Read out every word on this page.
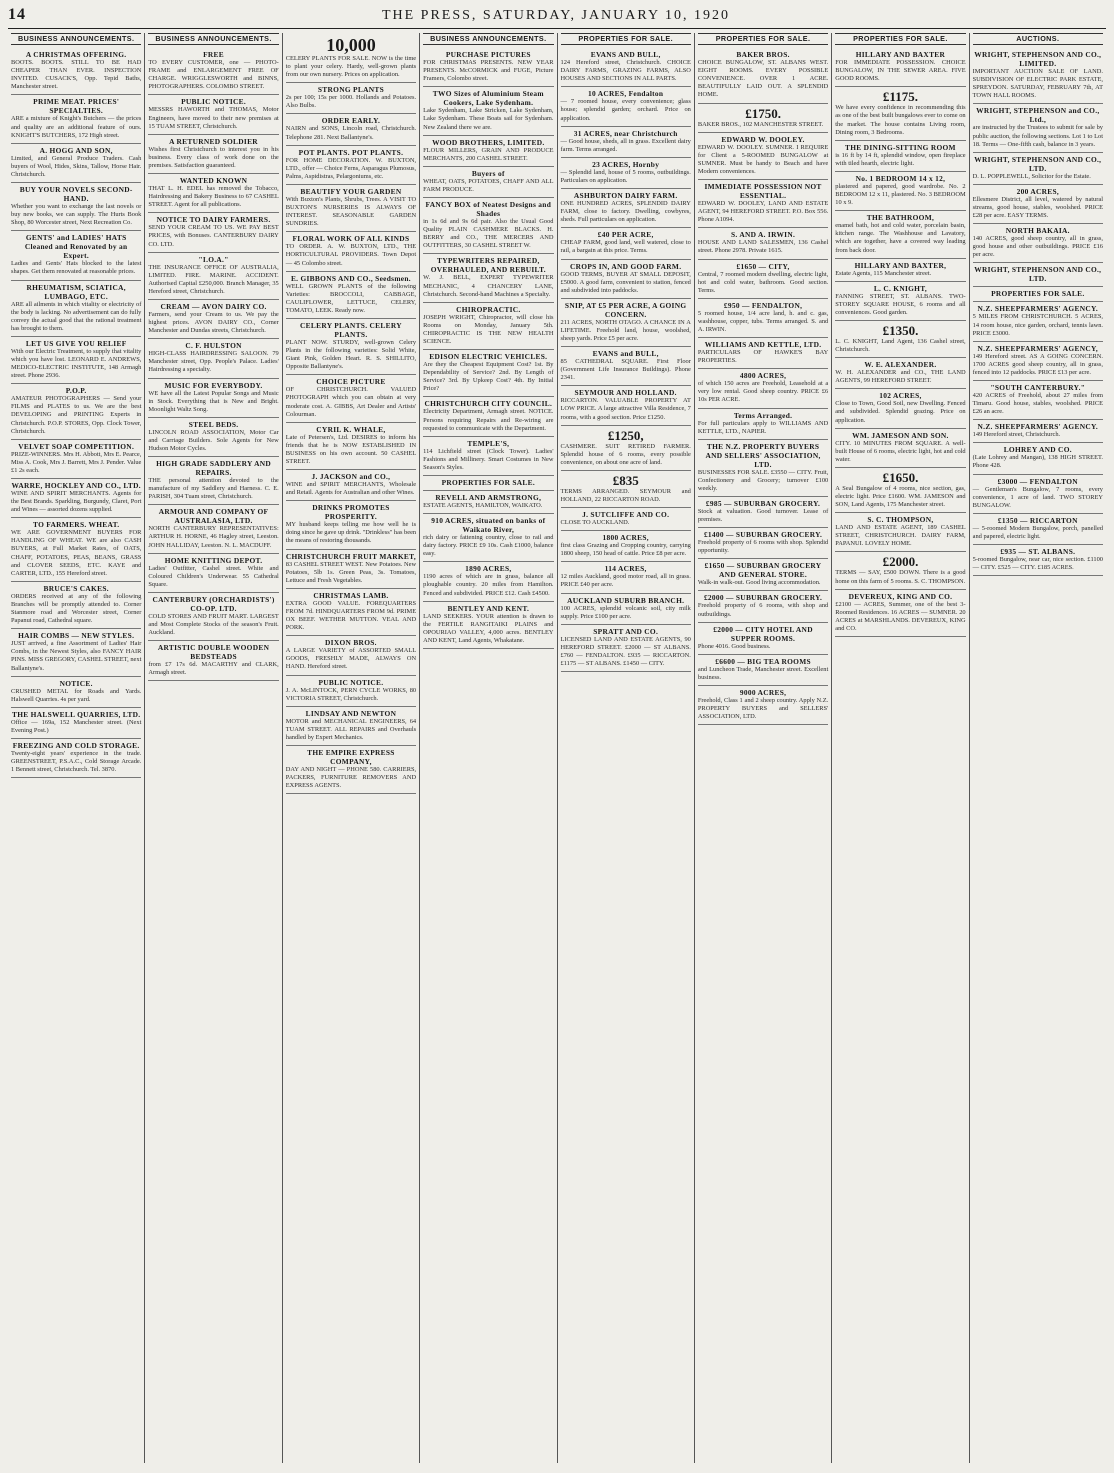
14	THE PRESS, SATURDAY, JANUARY 10, 1920
BUSINESS ANNOUNCEMENTS.
A CHRISTMAS OFFERING.
BOOTS. BOOTS. STILL TO BE HAD CHEAPER THAN EVER. INSPECTION INVITED. CUSACK'S, Opp. Tepid Baths, Manchester street.
PRIME MEAT. PRICES' SPECIALTIES.
ARE a mixture of Knight's Butchers — the prices and quality are an additional feature of ours. KNIGHT'S BUTCHERS, 172 High street.
A. HOGG AND SON,
Limited, and General Produce Traders. Cash buyers of Wool, Hides, Skins, Tallow, Horse Hair. Christchurch.
BUY YOUR NOVELS SECOND-HAND.
Whether you want to exchange the last novels or buy new books, we can supply. The Hurts Book Shop, 80 Worcester street, Next Recreation Co.
GENTS' and LADIES' HATS Cleaned and Renovated by an Expert.
Ladies and Gents' Hats blocked to the latest shapes. Get them renovated at reasonable prices.
RHEUMATISM, SCIATICA, LUMBAGO, ETC.
ARE all ailments in which vitality or electricity of the body is lacking. No advertisement can do fully convey the actual good that the rational treatment has brought to them.
LET US GIVE YOU RELIEF
With our Electric Treatment, to supply that vitality which you have lost. LEONARD E. ANDREWS, MEDICO-ELECTRIC INSTITUTE, 148 Armagh street. Phone 2936.
P.O.P.
AMATEUR PHOTOGRAPHERS — Send your FILMS and PLATES to us. We are the best DEVELOPING and PRINTING Experts in Christchurch. P.O.P. STORES, Opp. Clock Tower, Christchurch.
VELVET SOAP COMPETITION.
PRIZE-WINNERS. Mrs H. Abbott, Mrs E. Pearce, Miss A. Cook, Mrs J. Barrett, Mrs J. Pender. Value £1 2s each.
WARRE, HOCKLEY AND CO., LTD.
WINE AND SPIRIT MERCHANTS. Agents for the Best Brands. Sparkling, Burgundy, Claret, Port and Wines — assorted dozens supplied.
TO FARMERS. WHEAT.
WE ARE GOVERNMENT BUYERS FOR HANDLING OF WHEAT. WE are also CASH BUYERS, at Full Market Rates, of OATS, CHAFF, POTATOES, PEAS, BEANS, GRASS and CLOVER SEEDS, ETC. KAYE and CARTER, LTD., 155 Hereford street.
BRUCE'S CAKES.
ORDERS received at any of the following Branches will be promptly attended to. Corner Stanmore road and Worcester street, Corner Papanui road, Cathedral square.
HAIR COMBS — NEW STYLES.
JUST arrived, a fine Assortment of Ladies' Hair Combs, in the Newest Styles, also FANCY HAIR PINS. MISS GREGORY, CASHEL STREET, next Ballantyne's.
NOTICE.
CRUSHED METAL for Roads and Yards. Halswell Quarries. 4s per yard.
THE HALSWELL QUARRIES, LTD.
Office — 169a, 152 Manchester street. (Next Evening Post.)
FREEZING AND COLD STORAGE.
Twenty-eight years' experience in the trade. GREENSTREET, P.S.A.C., Cold Storage Arcade. 1 Bennett street, Christchurch. Tel. 3870.
BUSINESS ANNOUNCEMENTS.
FREE
TO EVERY CUSTOMER, one — PHOTO-FRAME and ENLARGEMENT FREE OF CHARGE. WRIGGLESWORTH and BINNS, PHOTOGRAPHERS. COLOMBO STREET.
PUBLIC NOTICE.
MESSRS HAWORTH and THOMAS, Motor Engineers, have moved to their new premises at 15 TUAM STREET, Christchurch.
A RETURNED SOLDIER
Wishes first Christchurch to interest you in his business. Every class of work done on the premises. Satisfaction guaranteed.
WANTED KNOWN
THAT L. H. EDEL has removed the Tobacco, Hairdressing and Bakery Business to 67 CASHEL STREET. Agent for all publications.
NOTICE TO DAIRY FARMERS.
SEND YOUR CREAM TO US. WE PAY BEST PRICES, with Bonuses. CANTERBURY DAIRY CO. LTD.
"I.O.A."
THE INSURANCE OFFICE OF AUSTRALIA, LIMITED. FIRE. MARINE. ACCIDENT. Authorised Capital £250,000. Branch Manager, 35 Hereford street, Christchurch.
CREAM — AVON DAIRY CO.
Farmers, send your Cream to us. We pay the highest prices. AVON DAIRY CO., Corner Manchester and Dundas streets, Christchurch.
C. F. HULSTON
HIGH-CLASS HAIRDRESSING SALOON. 79 Manchester street, Opp. People's Palace. Ladies' Hairdressing a specialty.
MUSIC FOR EVERYBODY.
WE have all the Latest Popular Songs and Music in Stock. Everything that is New and Bright. Moonlight Waltz Song.
STEEL BEDS.
LINCOLN ROAD ASSOCIATION, Motor Car and Carriage Builders. Sole Agents for New Hudson Motor Cycles.
HIGH GRADE SADDLERY AND REPAIRS.
THE personal attention devoted to the manufacture of my Saddlery and Harness. C. E. PARISH, 304 Tuam street, Christchurch.
ARMOUR AND COMPANY OF AUSTRALASIA, LTD.
NORTH CANTERBURY REPRESENTATIVES: ARTHUR H. HORNE, 46 Hagley street, Leeston. JOHN HALLIDAY, Leeston. N. L. MACDUFF.
HOME KNITTING DEPOT.
Ladies' Outfitter, Cashel street. White and Coloured Children's Underwear. 55 Cathedral Square.
CANTERBURY (ORCHARDISTS') CO-OP. LTD.
COLD STORES AND FRUIT MART. LARGEST and Most Complete Stocks of the season's Fruit. Auckland.
ARTISTIC DOUBLE WOODEN BEDSTEADS
from £7 17s 6d. MACARTHY and CLARK, Armagh street.
10,000
CELERY PLANTS FOR SALE. NOW is the time to plant your celery. Hardy, well-grown plants from our own nursery. Prices on application.
STRONG PLANTS
2s per 100; 15s per 1000. Hollands and Potatoes. Also Bulbs.
ORDER EARLY.
NAIRN and SONS, Lincoln road, Christchurch. Telephone 281. Next Ballantyne's.
POT PLANTS. POT PLANTS.
FOR HOME DECORATION. W. BUXTON, LTD., offer — Choice Ferns, Asparagus Plumosus, Palms, Aspidistras, Pelargoniums, etc.
BEAUTIFY YOUR GARDEN
With Buxton's Plants, Shrubs, Trees. A VISIT TO BUXTON'S NURSERIES IS ALWAYS OF INTEREST. SEASONABLE GARDEN SUNDRIES.
FLORAL WORK OF ALL KINDS
TO ORDER. A. W. BUXTON, LTD., THE HORTICULTURAL PROVIDERS. Town Depot — 45 Colombo street.
E. GIBBONS AND CO., Seedsmen.
WELL GROWN PLANTS of the following Varieties: BROCCOLI, CABBAGE, CAULIFLOWER, LETTUCE, CELERY, TOMATO, LEEK. Ready now.
CELERY PLANTS. CELERY PLANTS.
PLANT NOW. STURDY, well-grown Celery Plants in the following varieties: Solid White, Giant Pink, Golden Heart. R. S. SHILLITO, Opposite Ballantyne's.
CHOICE PICTURE
OF CHRISTCHURCH. VALUED PHOTOGRAPH which you can obtain at very moderate cost. A. GIBBS, Art Dealer and Artists' Colourman.
CYRIL K. WHALE,
Late of Petersen's, Ltd. DESIRES to inform his friends that he is NOW ESTABLISHED IN BUSINESS on his own account. 50 CASHEL STREET.
J. JACKSON and CO.,
WINE and SPIRIT MERCHANTS, Wholesale and Retail. Agents for Australian and other Wines.
DRINKS PROMOTES PROSPERITY.
MY husband keeps telling me how well he is doing since he gave up drink. "Drinkless" has been the means of restoring thousands.
CHRISTCHURCH FRUIT MARKET,
83 CASHEL STREET WEST. New Potatoes. New Potatoes, 5lb 1s. Green Peas, 3s. Tomatoes, Lettuce and Fresh Vegetables.
CHRISTMAS LAMB.
EXTRA GOOD VALUE. FOREQUARTERS FROM 7d. HINDQUARTERS FROM 9d. PRIME OX BEEF. WETHER MUTTON. VEAL AND PORK.
DIXON BROS.
A LARGE VARIETY of ASSORTED SMALL GOODS, FRESHLY MADE, ALWAYS ON HAND. Hereford street.
PUBLIC NOTICE.
J. A. McLINTOCK, PERN CYCLE WORKS, 80 VICTORIA STREET, Christchurch.
LINDSAY AND NEWTON
MOTOR and MECHANICAL ENGINEERS, 64 TUAM STREET. ALL REPAIRS and Overhauls handled by Expert Mechanics.
THE EMPIRE EXPRESS COMPANY,
DAY AND NIGHT — PHONE 580. CARRIERS, PACKERS, FURNITURE REMOVERS AND EXPRESS AGENTS.
BUSINESS ANNOUNCEMENTS.
PURCHASE PICTURES
FOR CHRISTMAS PRESENTS. NEW YEAR PRESENTS. McCORMICK and FUGE, Picture Framers, Colombo street.
TWO Sizes of Aluminium Steam Cookers, Lake Sydenham.
Lake Sydenham, Lake Stricken, Lake Sydenham, Lake Sydenham. These Boats sail for Sydenham. New Zealand there we are.
WOOD BROTHERS, LIMITED.
FLOUR MILLERS, GRAIN AND PRODUCE MERCHANTS, 200 CASHEL STREET.
Buyers of
WHEAT, OATS, POTATOES, CHAFF AND ALL FARM PRODUCE.
FANCY BOX of Neatest Designs and Shades
in 1s 6d and 9s 6d pair. Also the Usual Good Quality PLAIN CASHMERE BLACKS. H. BERRY and CO., THE MERCERS AND OUTFITTERS, 30 CASHEL STREET W.
TYPEWRITERS REPAIRED, OVERHAULED, AND REBUILT.
W. J. BELL, EXPERT TYPEWRITER MECHANIC, 4 CHANCERY LANE, Christchurch. Second-hand Machines a Specialty.
CHIROPRACTIC.
JOSEPH WRIGHT, Chiropractor, will close his Rooms on Monday, January 5th. CHIROPRACTIC IS THE NEW HEALTH SCIENCE.
EDISON ELECTRIC VEHICLES.
Are they the Cheapest Equipment Cost? 1st. By Dependability of Service? 2nd. By Length of Service? 3rd. By Upkeep Cost? 4th. By Initial Price?
CHRISTCHURCH CITY COUNCIL.
Electricity Department, Armagh street. NOTICE. Persons requiring Repairs and Re-wiring are requested to communicate with the Department.
TEMPLE'S,
114 Lichfield street (Clock Tower). Ladies' Fashions and Millinery. Smart Costumes in New Season's Styles.
PROPERTIES FOR SALE.
REVELL AND ARMSTRONG,
ESTATE AGENTS, HAMILTON, WAIKATO.
910 ACRES, situated on banks of Waikato River,
rich dairy or fattening country, close to rail and dairy factory. PRICE £9 10s. Cash £1000, balance easy.
1890 ACRES,
1190 acres of which are in grass, balance all ploughable country. 20 miles from Hamilton. Fenced and subdivided. PRICE £12. Cash £4500.
BENTLEY AND KENT.
LAND SEEKERS. YOUR attention is drawn to the FERTILE RANGITAIKI PLAINS and OPOURIAO VALLEY, 4,000 acres. BENTLEY AND KENT, Land Agents, Whakatane.
PROPERTIES FOR SALE.
EVANS AND BULL,
124 Hereford street, Christchurch. CHOICE DAIRY FARMS, GRAZING FARMS, ALSO HOUSES AND SECTIONS IN ALL PARTS.
10 ACRES, Fendalton
— 7 roomed house, every convenience; glass house; splendid garden; orchard. Price on application.
31 ACRES, near Christchurch
— Good house, sheds, all in grass. Excellent dairy farm. Terms arranged.
23 ACRES, Hornby
— Splendid land, house of 5 rooms, outbuildings. Particulars on application.
ASHBURTON DAIRY FARM.
ONE HUNDRED ACRES, SPLENDID DAIRY FARM, close to factory. Dwelling, cowbyres, sheds. Full particulars on application.
£40 PER ACRE,
CHEAP FARM, good land, well watered, close to rail, a bargain at this price. Terms.
CROPS IN, AND GOOD FARM.
GOOD TERMS, BUYER AT SMALL DEPOSIT, £5000. A good farm, convenient to station, fenced and subdivided into paddocks.
SNIP, AT £5 PER ACRE, A GOING CONCERN.
211 ACRES, NORTH OTAGO. A CHANCE IN A LIFETIME. Freehold land, house, woolshed, sheep yards. Price £5 per acre.
EVANS and BULL,
85 CATHEDRAL SQUARE. First Floor (Government Life Insurance Buildings). Phone 2341.
SEYMOUR AND HOLLAND.
RICCARTON. VALUABLE PROPERTY AT LOW PRICE. A large attractive Villa Residence, 7 rooms, with a good section. Price £1250.
£1250,
CASHMERE. SUIT RETIRED FARMER. Splendid house of 6 rooms, every possible convenience, on about one acre of land.
£835
TERMS ARRANGED. SEYMOUR and HOLLAND, 22 RICCARTON ROAD.
J. SUTCLIFFE AND CO.
CLOSE TO AUCKLAND.
1800 ACRES,
first class Grazing and Cropping country, carrying 1800 sheep, 150 head of cattle. Price £8 per acre.
114 ACRES,
12 miles Auckland, good motor road, all in grass. PRICE £40 per acre.
AUCKLAND SUBURB BRANCH.
100 ACRES, splendid volcanic soil, city milk supply. Price £100 per acre.
SPRATT AND CO.
LICENSED LAND AND ESTATE AGENTS, 90 HEREFORD STREET. £2000 — ST ALBANS. £760 — FENDALTON. £935 — RICCARTON. £1175 — ST ALBANS. £1450 — CITY.
PROPERTIES FOR SALE.
BAKER BROS.
CHOICE BUNGALOW, ST. ALBANS WEST. EIGHT ROOMS. EVERY POSSIBLE CONVENIENCE. OVER 1 ACRE. BEAUTIFULLY LAID OUT. A SPLENDID HOME.
£1750.
BAKER BROS., 102 MANCHESTER STREET.
EDWARD W. DOOLEY.
EDWARD W. DOOLEY. SUMNER. I REQUIRE for Client a 5-ROOMED BUNGALOW at SUMNER. Must be handy to Beach and have Modern conveniences.
IMMEDIATE POSSESSION NOT ESSENTIAL.
EDWARD W. DOOLEY, LAND AND ESTATE AGENT, 94 HEREFORD STREET. P.O. Box 556. Phone A1094.
S. AND A. IRWIN.
HOUSE AND LAND SALESMEN, 136 Cashel street. Phone 2978. Private 1615.
£1650 — CITY,
Central, 7 roomed modern dwelling, electric light, hot and cold water, bathroom. Good section. Terms.
£950 — FENDALTON,
5 roomed house, 1/4 acre land, h. and c. gas, washhouse, copper, tubs. Terms arranged. S. and A. IRWIN.
WILLIAMS AND KETTLE, LTD.
PARTICULARS OF HAWKE'S BAY PROPERTIES.
4800 ACRES,
of which 150 acres are Freehold, Leasehold at a very low rental. Good sheep country. PRICE £6 10s PER ACRE.
Terms Arranged.
For full particulars apply to WILLIAMS AND KETTLE, LTD., NAPIER.
THE N.Z. PROPERTY BUYERS AND SELLERS' ASSOCIATION, LTD.
BUSINESSES FOR SALE. £3550 — CITY. Fruit, Confectionery and Grocery; turnover £100 weekly.
£985 — SUBURBAN GROCERY.
Stock at valuation. Good turnover. Lease of premises.
£1400 — SUBURBAN GROCERY.
Freehold property of 6 rooms with shop. Splendid opportunity.
£1650 — SUBURBAN GROCERY AND GENERAL STORE.
Walk-in walk-out. Good living accommodation.
£2000 — SUBURBAN GROCERY.
Freehold property of 6 rooms, with shop and outbuildings.
£2000 — CITY HOTEL AND SUPPER ROOMS.
Phone 4016. Good business.
£6600 — BIG TEA ROOMS
and Luncheon Trade, Manchester street. Excellent business.
9000 ACRES,
Freehold, Class 1 and 2 sheep country. Apply N.Z. PROPERTY BUYERS and SELLERS' ASSOCIATION, LTD.
PROPERTIES FOR SALE.
HILLARY AND BAXTER
FOR IMMEDIATE POSSESSION. CHOICE BUNGALOW, IN THE SEWER AREA. FIVE GOOD ROOMS.
£1175.
We have every confidence in recommending this as one of the best built bungalows ever to come on the market. The house contains Living room, Dining room, 3 Bedrooms.
THE DINING-SITTING ROOM
is 16 ft by 14 ft, splendid window, open fireplace with tiled hearth, electric light.
No. 1 BEDROOM 14 x 12,
plastered and papered, good wardrobe. No. 2 BEDROOM 12 x 11, plastered. No. 3 BEDROOM 10 x 9.
THE BATHROOM,
enamel bath, hot and cold water, porcelain basin, kitchen range. The Washhouse and Lavatory, which are together, have a covered way leading from back door.
HILLARY AND BAXTER,
Estate Agents, 115 Manchester street.
L. C. KNIGHT,
FANNING STREET, ST. ALBANS. TWO-STOREY SQUARE HOUSE, 6 rooms and all conveniences. Good garden.
£1350.
L. C. KNIGHT, Land Agent, 136 Cashel street, Christchurch.
W. E. ALEXANDER.
W. H. ALEXANDER and CO., THE LAND AGENTS, 99 HEREFORD STREET.
102 ACRES,
Close to Town, Good Soil, new Dwelling. Fenced and subdivided. Splendid grazing. Price on application.
WM. JAMESON AND SON.
CITY. 10 MINUTES FROM SQUARE. A well-built House of 6 rooms, electric light, hot and cold water.
£1650.
A Seal Bungalow of 4 rooms, nice section, gas, electric light. Price £1600. WM. JAMESON and SON, Land Agents, 175 Manchester street.
S. C. THOMPSON,
LAND AND ESTATE AGENT, 189 CASHEL STREET, CHRISTCHURCH. DAIRY FARM, PAPANUI. LOVELY HOME.
£2000.
TERMS — SAY, £500 DOWN. There is a good home on this farm of 5 rooms. S. C. THOMPSON.
DEVEREUX, KING AND CO.
£2100 — ACRES, Summer, one of the best 3-Roomed Residences. 16 ACRES — SUMNER. 20 ACRES at MARSHLANDS. DEVEREUX, KING and CO.
AUCTIONS.
WRIGHT, STEPHENSON AND CO., LIMITED.
IMPORTANT AUCTION SALE OF LAND. SUBDIVISION OF ELECTRIC PARK ESTATE, SPREYDON. SATURDAY, FEBRUARY 7th, AT TOWN HALL ROOMS.
WRIGHT, STEPHENSON and CO., Ltd.,
are instructed by the Trustees to submit for sale by public auction, the following sections. Lot 1 to Lot 18. Terms — One-fifth cash, balance in 3 years.
WRIGHT, STEPHENSON AND CO., LTD.
D. L. POPPLEWELL, Solicitor for the Estate.
200 ACRES,
Ellesmere District, all level, watered by natural streams, good house, stables, woolshed. PRICE £28 per acre. EASY TERMS.
NORTH BAKAIA.
140 ACRES, good sheep country, all in grass, good house and other outbuildings. PRICE £16 per acre.
WRIGHT, STEPHENSON AND CO., LTD.
PROPERTIES FOR SALE.
N.Z. SHEEPFARMERS' AGENCY.
5 MILES FROM CHRISTCHURCH. 5 ACRES, 14 room house, nice garden, orchard, tennis lawn. PRICE £3000.
N.Z. SHEEPFARMERS' AGENCY,
149 Hereford street. AS A GOING CONCERN. 1700 ACRES good sheep country, all in grass, fenced into 12 paddocks. PRICE £13 per acre.
"SOUTH CANTERBURY."
420 ACRES of Freehold, about 27 miles from Timaru. Good house, stables, woolshed. PRICE £26 an acre.
N.Z. SHEEPFARMERS' AGENCY.
149 Hereford street, Christchurch.
LOHREY AND CO.
(Late Lohrey and Mangan), 138 HIGH STREET. Phone 428.
£3000 — FENDALTON
— Gentleman's Bungalow, 7 rooms, every convenience, 1 acre of land. TWO STOREY BUNGALOW.
£1350 — RICCARTON
— 5-roomed Modern Bungalow, porch, panelled and papered, electric light.
£935 — ST. ALBANS.
5-roomed Bungalow, near car, nice section. £1100 — CITY. £525 — CITY. £185 ACRES.
